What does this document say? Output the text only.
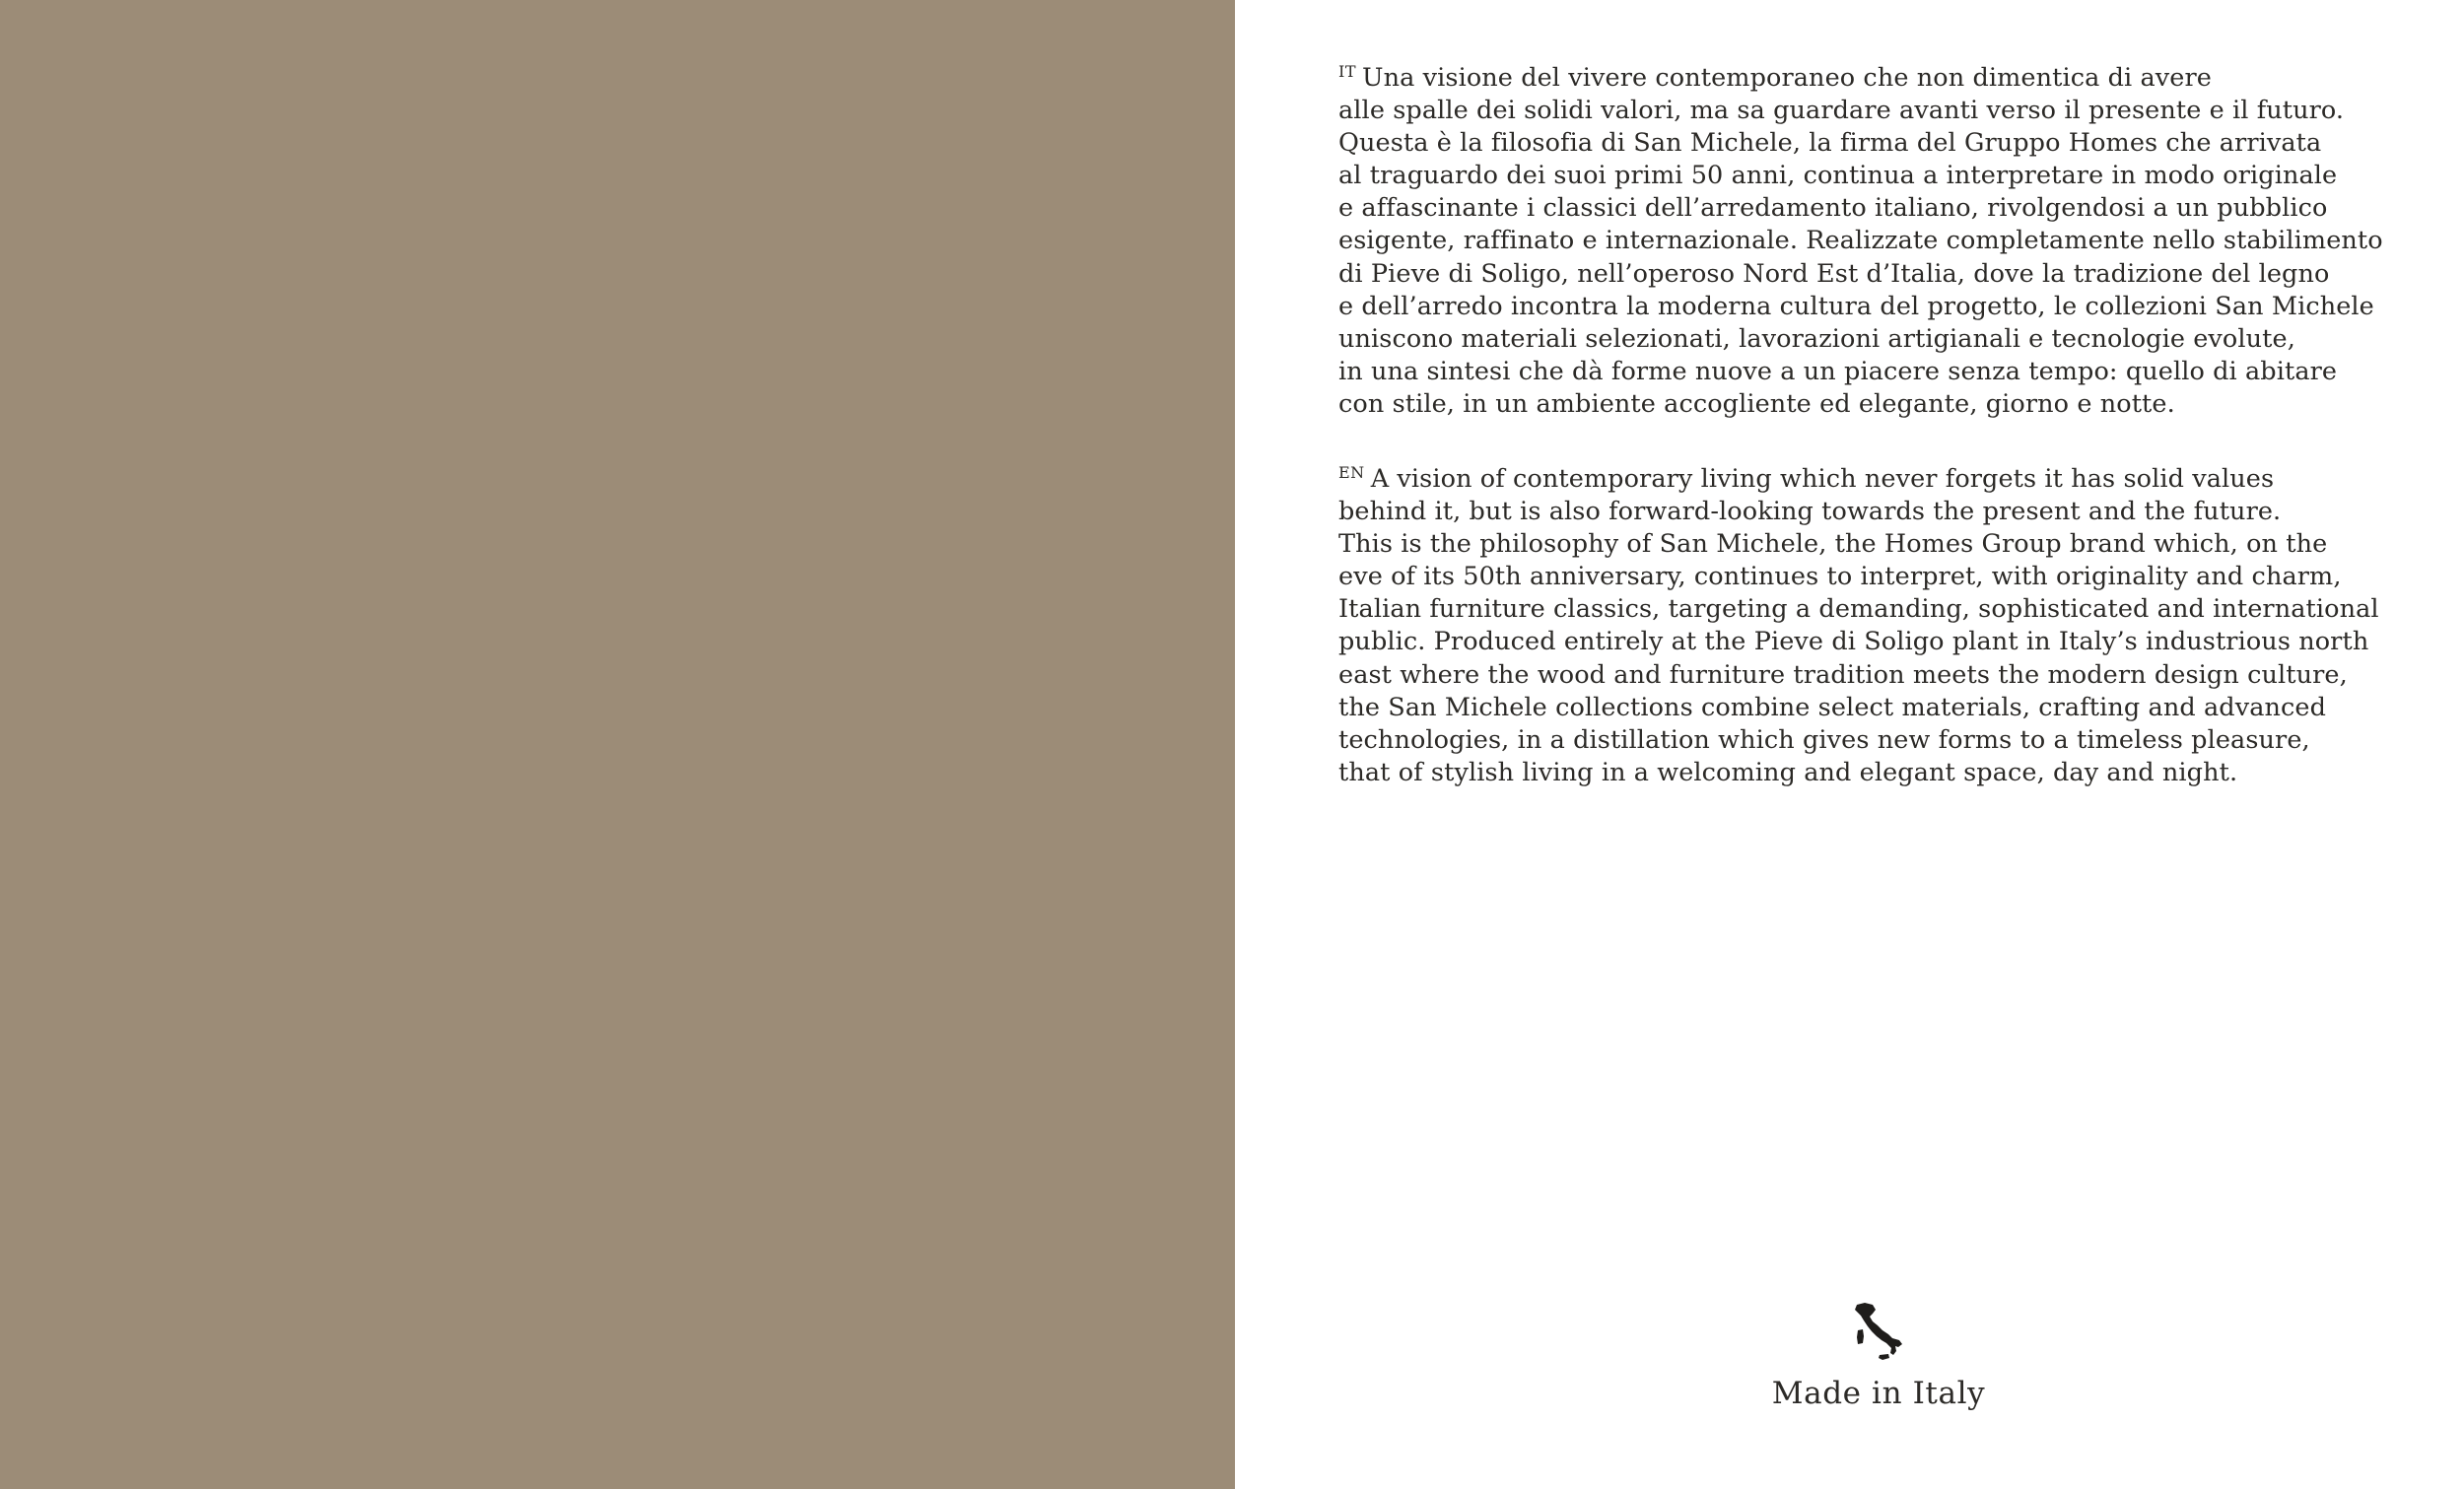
$^{IT}$ Una visione del vivere contemporaneo che non dimentica di avere
alle spalle dei solidi valori, ma sa guardare avanti verso il presente e il futuro.
Questa è la filosofia di San Michele, la firma del Gruppo Homes che arrivata
al traguardo dei suoi primi 50 anni, continua a interpretare in modo originale
e affascinante i classici dell’arredamento italiano, rivolgendosi a un pubblico
esigente, raffinato e internazionale. Realizzate completamente nello stabilimento
di Pieve di Soligo, nell’operoso Nord Est d’Italia, dove la tradizione del legno
e dell’arredo incontra la moderna cultura del progetto, le collezioni San Michele
uniscono materiali selezionati, lavorazioni artigianali e tecnologie evolute,
in una sintesi che dà forme nuove a un piacere senza tempo: quello di abitare
con stile, in un ambiente accogliente ed elegante, giorno e notte.
$^{EN}$ A vision of contemporary living which never forgets it has solid values
behind it, but is also forward-looking towards the present and the future.
This is the philosophy of San Michele, the Homes Group brand which, on the
eve of its 50th anniversary, continues to interpret, with originality and charm,
Italian furniture classics, targeting a demanding, sophisticated and international
public. Produced entirely at the Pieve di Soligo plant in Italy’s industrious north
east where the wood and furniture tradition meets the modern design culture,
the San Michele collections combine select materials, crafting and advanced
technologies, in a distillation which gives new forms to a timeless pleasure,
that of stylish living in a welcoming and elegant space, day and night.
Made in Italy
